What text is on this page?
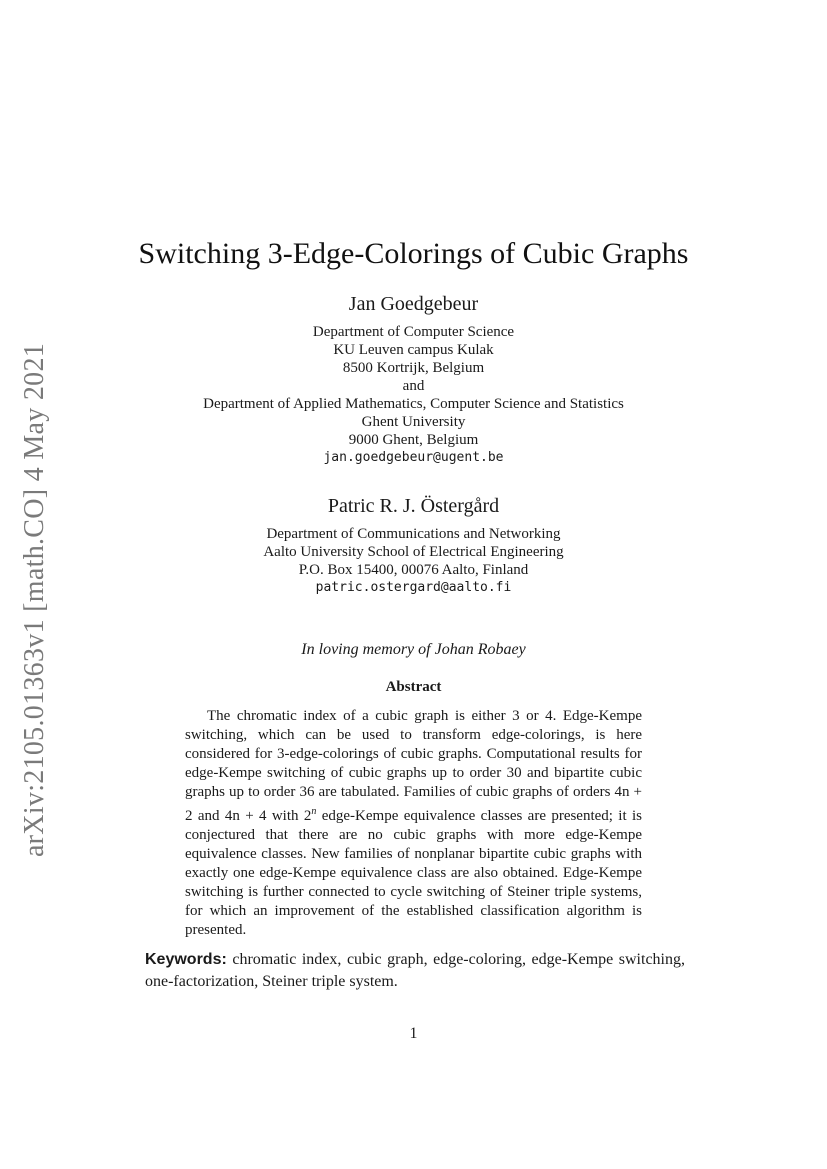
arXiv:2105.01363v1 [math.CO] 4 May 2021
Switching 3-Edge-Colorings of Cubic Graphs
Jan Goedgebeur
Department of Computer Science
KU Leuven campus Kulak
8500 Kortrijk, Belgium
and
Department of Applied Mathematics, Computer Science and Statistics
Ghent University
9000 Ghent, Belgium
jan.goedgebeur@ugent.be
Patric R. J. Östergård
Department of Communications and Networking
Aalto University School of Electrical Engineering
P.O. Box 15400, 00076 Aalto, Finland
patric.ostergard@aalto.fi
In loving memory of Johan Robaey
Abstract

The chromatic index of a cubic graph is either 3 or 4. Edge-Kempe switching, which can be used to transform edge-colorings, is here considered for 3-edge-colorings of cubic graphs. Computational results for edge-Kempe switching of cubic graphs up to order 30 and bipartite cubic graphs up to order 36 are tabulated. Families of cubic graphs of orders 4n + 2 and 4n + 4 with 2$^n$ edge-Kempe equivalence classes are presented; it is conjectured that there are no cubic graphs with more edge-Kempe equivalence classes. New families of nonplanar bipartite cubic graphs with exactly one edge-Kempe equivalence class are also obtained. Edge-Kempe switching is further connected to cycle switching of Steiner triple systems, for which an improvement of the established classification algorithm is presented.

Keywords: chromatic index, cubic graph, edge-coloring, edge-Kempe switching, one-factorization, Steiner triple system.

1
